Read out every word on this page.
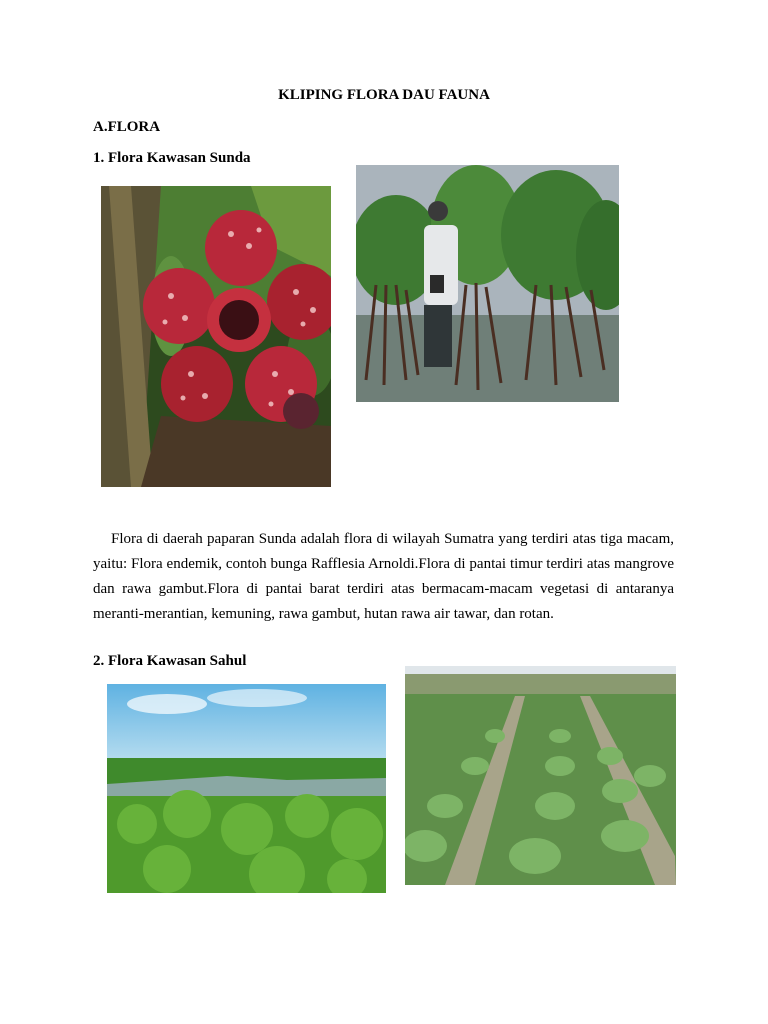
KLIPING FLORA DAU FAUNA
A.FLORA
1. Flora Kawasan Sunda

Flora di daerah paparan Sunda adalah flora di wilayah Sumatra yang terdiri atas tiga macam, yaitu: Flora endemik, contoh bunga Rafflesia Arnoldi.Flora di pantai timur terdiri atas mangrove dan rawa gambut.Flora di pantai barat terdiri atas bermacam-macam vegetasi di antaranya meranti-merantian, kemuning, rawa gambut, hutan rawa air tawar, dan rotan.

2. Flora Kawasan Sahul
